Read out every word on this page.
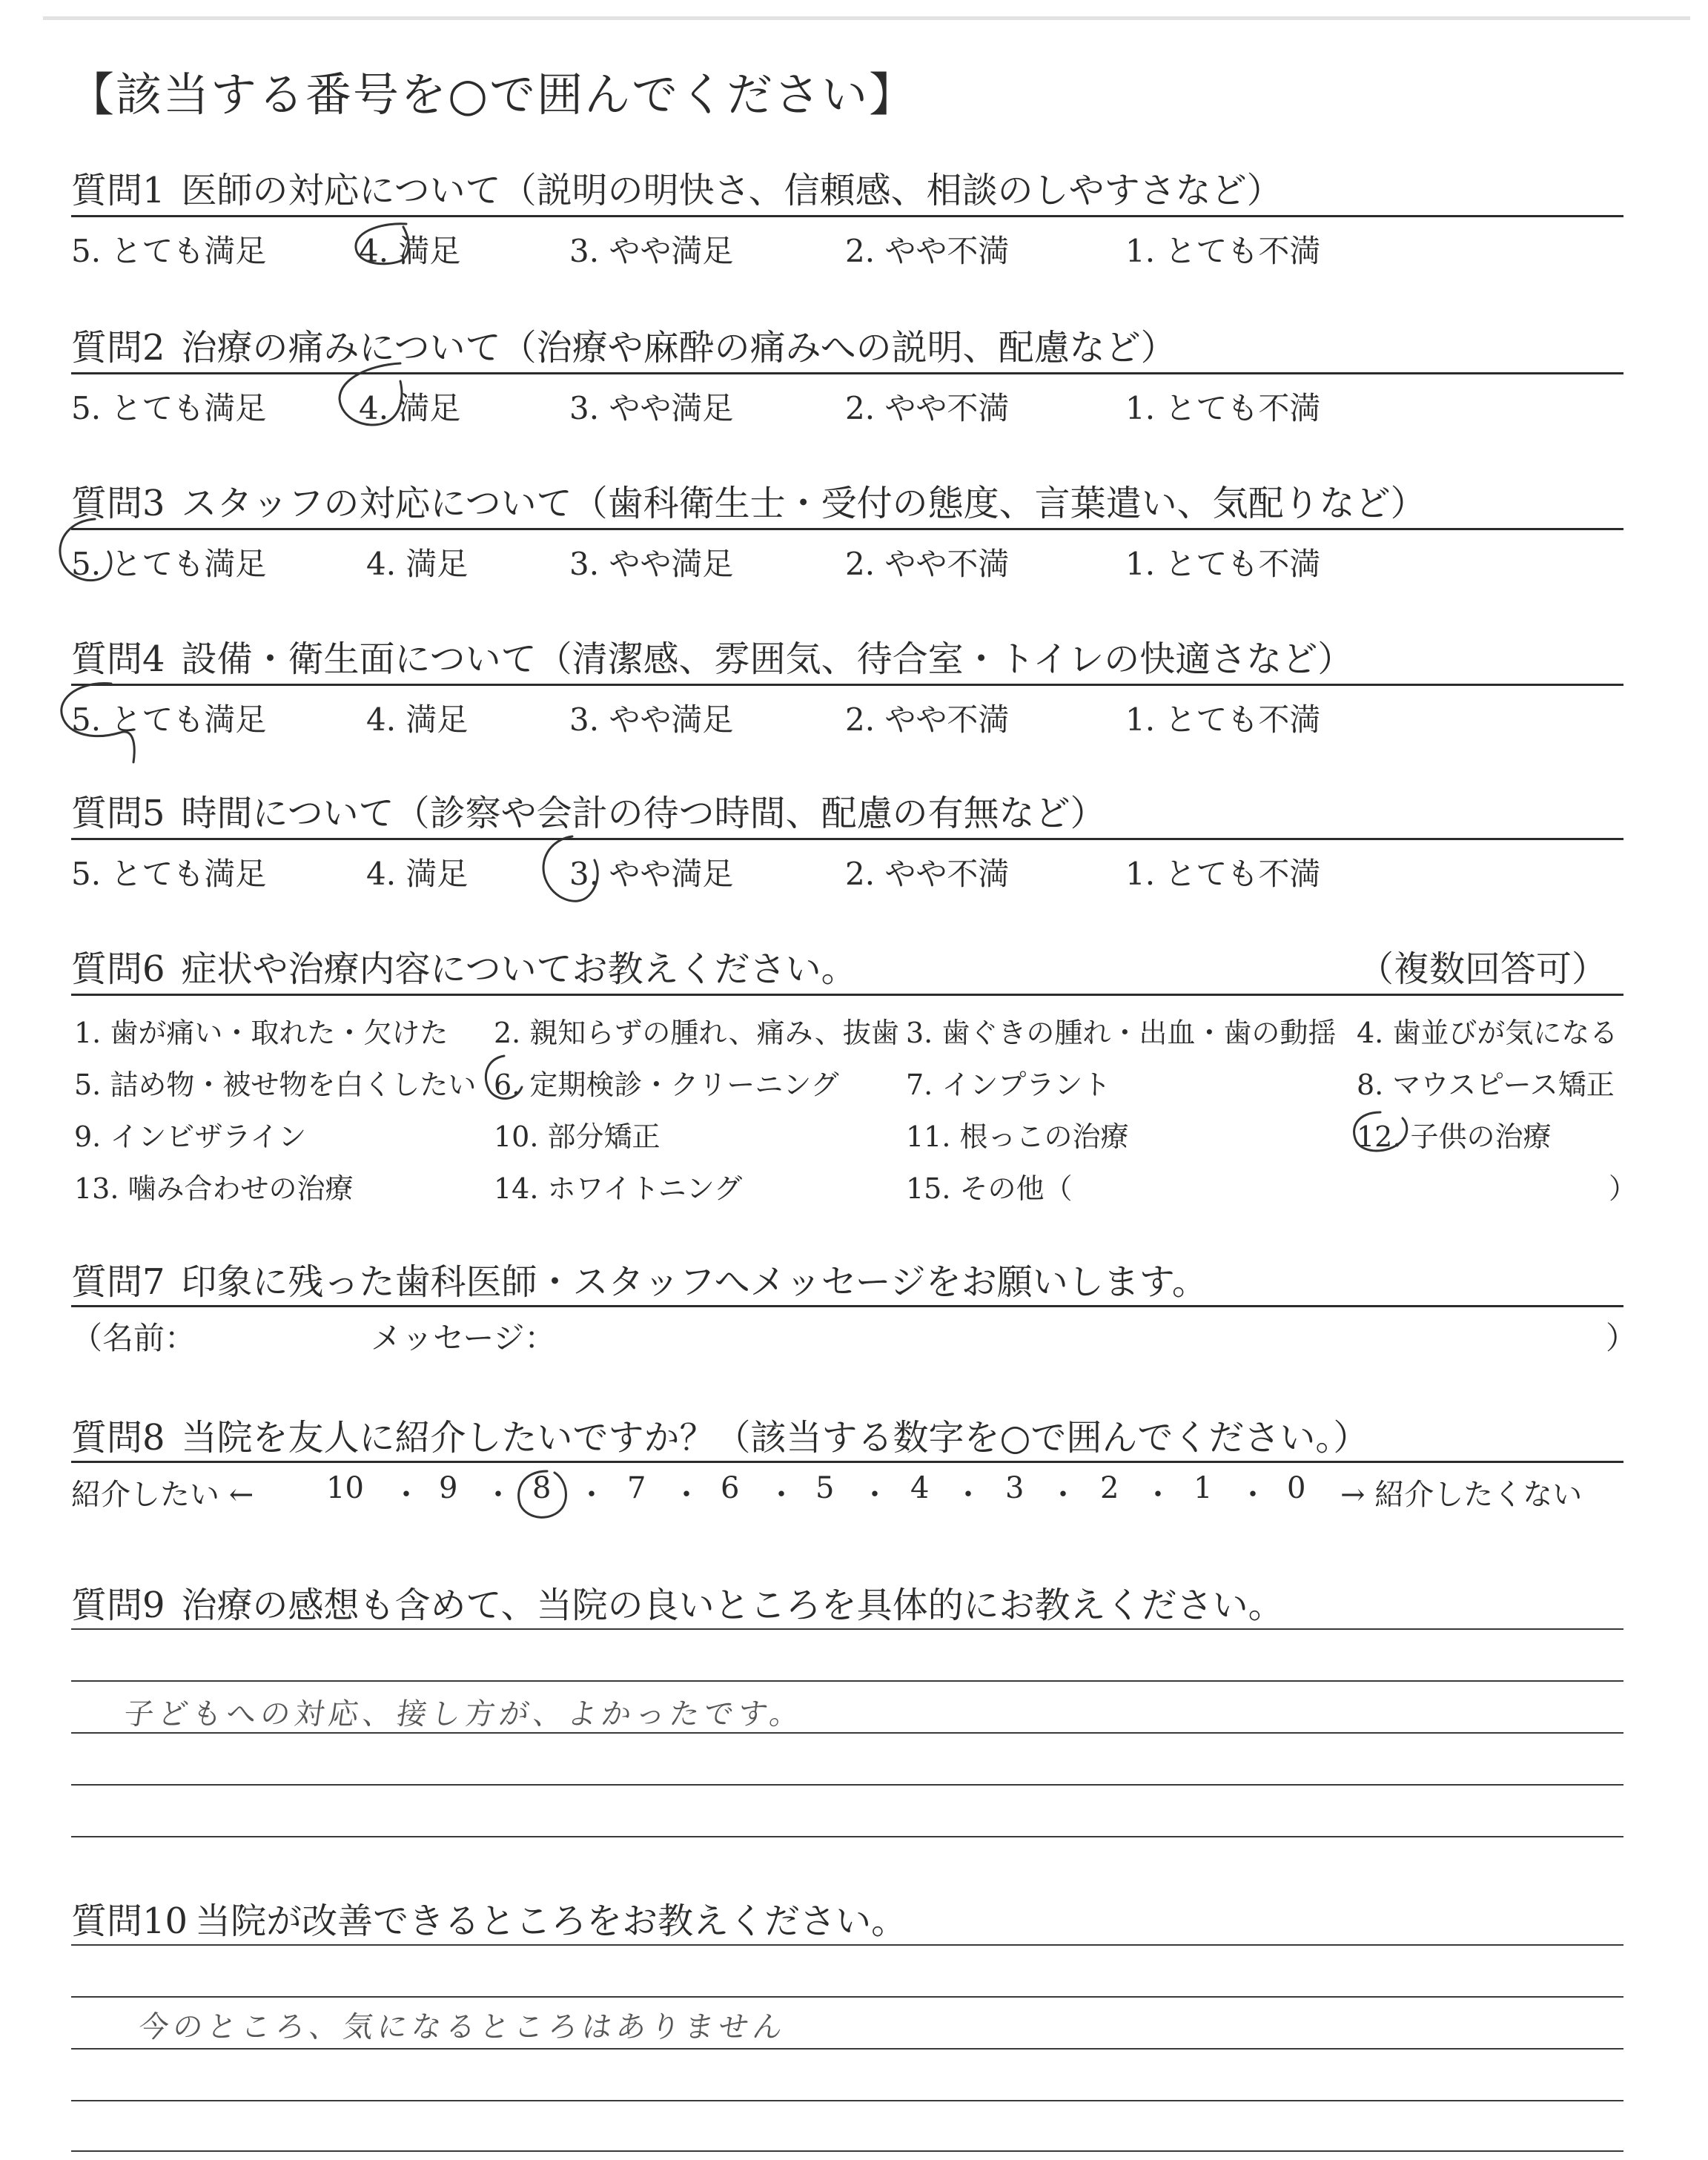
【該当する番号を○で囲んでください】
質問1 医師の対応について（説明の明快さ、信頼感、相談のしやすさなど）
5. とても満足	4. 満足	3. やや満足	2. やや不満	1. とても不満
質問2 治療の痛みについて（治療や麻酔の痛みへの説明、配慮など）
5. とても満足	4. 満足	3. やや満足	2. やや不満	1. とても不満
質問3 スタッフの対応について（歯科衛生士・受付の態度、言葉遣い、気配りなど）
5. とても満足	4. 満足	3. やや満足	2. やや不満	1. とても不満
質問4 設備・衛生面について（清潔感、雰囲気、待合室・トイレの快適さなど）
5. とても満足	4. 満足	3. やや満足	2. やや不満	1. とても不満
質問5 時間について（診察や会計の待つ時間、配慮の有無など）
5. とても満足	4. 満足	3. やや満足	2. やや不満	1. とても不満
質問6 症状や治療内容についてお教えください。	（複数回答可）
1. 歯が痛い・取れた・欠けた 2. 親知らずの腫れ、痛み、抜歯 3. 歯ぐきの腫れ・出血・歯の動揺 4. 歯並びが気になる
5. 詰め物・被せ物を白くしたい 6. 定期検診・クリーニング 7. インプラント	8. マウスピース矯正
9. インビザライン	10. 部分矯正	11. 根っこの治療	12. 子供の治療
13. 噛み合わせの治療	14. ホワイトニング	15. その他（	）
質問7 印象に残った歯科医師・スタッフへメッセージをお願いします。
（名前：	メッセージ：	）
質問8 当院を友人に紹介したいですか？（該当する数字を○で囲んでください。）
紹介したい ← 10 ・ 9 ・ 8 ・ 7 ・ 6 ・ 5 ・ 4 ・ 3 ・ 2 ・ 1 ・ 0 → 紹介したくない
質問9 治療の感想も含めて、当院の良いところを具体的にお教えください。
子どもへの対応、接し方が、よかったです。
質問10 当院が改善できるところをお教えください。
今のところ、気になるところはありません
